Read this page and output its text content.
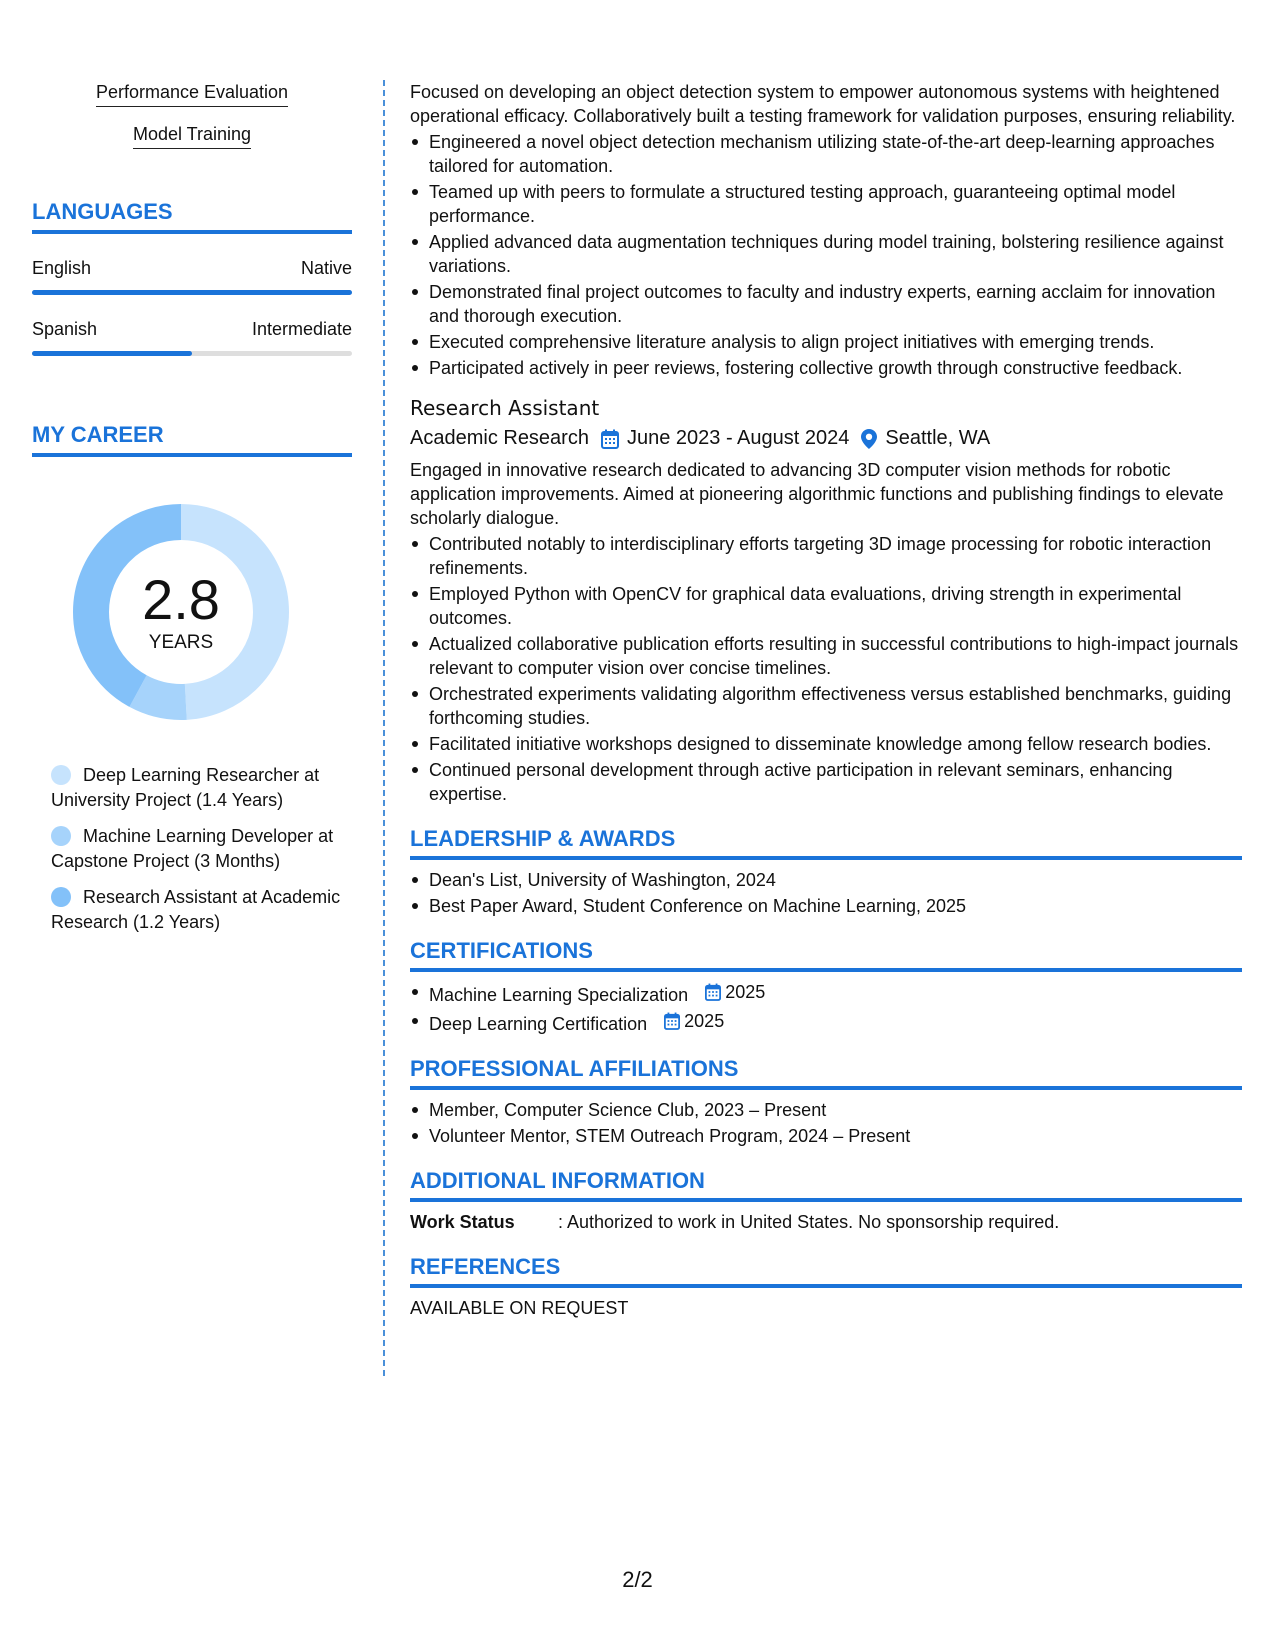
Performance Evaluation
Model Training
LANGUAGES
English	Native
Spanish	Intermediate
MY CAREER
2.8
YEARS
Deep Learning Researcher at University Project (1.4 Years)
Machine Learning Developer at Capstone Project (3 Months)
Research Assistant at Academic Research (1.2 Years)

Focused on developing an object detection system to empower autonomous systems with heightened operational efficacy. Collaboratively built a testing framework for validation purposes, ensuring reliability.

Engineered a novel object detection mechanism utilizing state-of-the-art deep-learning approaches tailored for automation.
Teamed up with peers to formulate a structured testing approach, guaranteeing optimal model performance.
Applied advanced data augmentation techniques during model training, bolstering resilience against variations.
Demonstrated final project outcomes to faculty and industry experts, earning acclaim for innovation and thorough execution.
Executed comprehensive literature analysis to align project initiatives with emerging trends.
Participated actively in peer reviews, fostering collective growth through constructive feedback.
Research Assistant
Academic Research June 2023 - August 2024 Seattle, WA

Engaged in innovative research dedicated to advancing 3D computer vision methods for robotic application improvements. Aimed at pioneering algorithmic functions and publishing findings to elevate scholarly dialogue.

Contributed notably to interdisciplinary efforts targeting 3D image processing for robotic interaction refinements.
Employed Python with OpenCV for graphical data evaluations, driving strength in experimental outcomes.
Actualized collaborative publication efforts resulting in successful contributions to high-impact journals relevant to computer vision over concise timelines.
Orchestrated experiments validating algorithm effectiveness versus established benchmarks, guiding forthcoming studies.
Facilitated initiative workshops designed to disseminate knowledge among fellow research bodies.
Continued personal development through active participation in relevant seminars, enhancing expertise.
LEADERSHIP & AWARDS
Dean's List, University of Washington, 2024
Best Paper Award, Student Conference on Machine Learning, 2025
CERTIFICATIONS
Machine Learning Specialization 2025
Deep Learning Certification 2025
PROFESSIONAL AFFILIATIONS
Member, Computer Science Club, 2023 – Present
Volunteer Mentor, STEM Outreach Program, 2024 – Present
ADDITIONAL INFORMATION
Work Status	: Authorized to work in United States. No sponsorship required.
REFERENCES
AVAILABLE ON REQUEST
2/2
